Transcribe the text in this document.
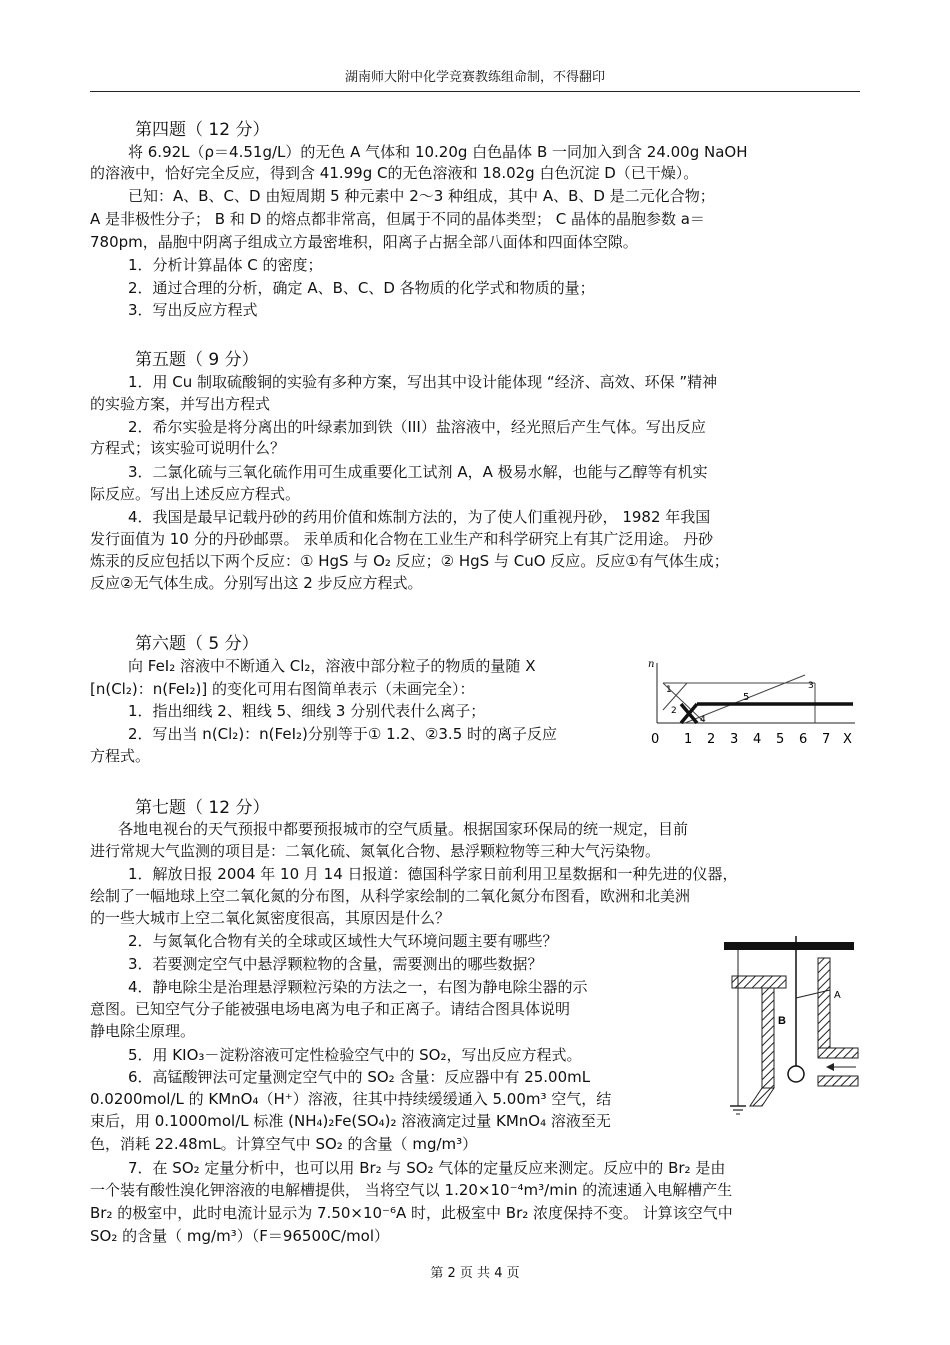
湖南师大附中化学竞赛教练组命制，不得翻印
第四题（ 12 分）
将 6.92L（ρ＝4.51g/L）的无色 A 气体和 10.20g 白色晶体 B 一同加入到含 24.00g NaOH
的溶液中，恰好完全反应，得到含 41.99g C的无色溶液和 18.02g 白色沉淀 D（已干燥）。
已知：A、B、C、D 由短周期 5 种元素中 2～3 种组成，其中 A、B、D 是二元化合物；
A 是非极性分子； B 和 D 的熔点都非常高，但属于不同的晶体类型； C 晶体的晶胞参数 a＝
780pm，晶胞中阴离子组成立方最密堆积，阳离子占据全部八面体和四面体空隙。
1．分析计算晶体 C 的密度；
2．通过合理的分析，确定 A、B、C、D 各物质的化学式和物质的量；
3．写出反应方程式
第五题（ 9 分）
1．用 Cu 制取硫酸铜的实验有多种方案，写出其中设计能体现 “经济、高效、环保 ”精神
的实验方案，并写出方程式
2．希尔实验是将分离出的叶绿素加到铁（III）盐溶液中，经光照后产生气体。写出反应
方程式；该实验可说明什么？
3．二氯化硫与三氧化硫作用可生成重要化工试剂 A，A 极易水解，也能与乙醇等有机实
际反应。写出上述反应方程式。
4．我国是最早记载丹砂的药用价值和炼制方法的，为了使人们重视丹砂， 1982 年我国
发行面值为 10 分的丹砂邮票。 汞单质和化合物在工业生产和科学研究上有其广泛用途。 丹砂
炼汞的反应包括以下两个反应：① HgS 与 O₂ 反应；② HgS 与 CuO 反应。反应①有气体生成；
反应②无气体生成。分别写出这 2 步反应方程式。
第六题（ 5 分）
向 FeI₂ 溶液中不断通入 Cl₂，溶液中部分粒子的物质的量随 X
[n(Cl₂)：n(FeI₂)] 的变化可用右图简单表示（未画完全）：
1．指出细线 2、粗线 5、细线 3 分别代表什么离子；
2．写出当 n(Cl₂)：n(FeI₂)分别等于① 1.2、②3.5 时的离子反应
方程式。
n
1
2
3
4
5
0 1 2 3 4 5 6 7 X
第七题（ 12 分）
各地电视台的天气预报中都要预报城市的空气质量。根据国家环保局的统一规定，目前
进行常规大气监测的项目是：二氧化硫、氮氧化合物、悬浮颗粒物等三种大气污染物。
1．解放日报 2004 年 10 月 14 日报道：德国科学家日前利用卫星数据和一种先进的仪器，
绘制了一幅地球上空二氧化氮的分布图，从科学家绘制的二氧化氮分布图看，欧洲和北美洲
的一些大城市上空二氧化氮密度很高，其原因是什么？
2．与氮氧化合物有关的全球或区域性大气环境问题主要有哪些？
3．若要测定空气中悬浮颗粒物的含量，需要测出的哪些数据？
4．静电除尘是治理悬浮颗粒污染的方法之一，右图为静电除尘器的示
意图。已知空气分子能被强电场电离为电子和正离子。请结合图具体说明
静电除尘原理。
5．用 KIO₃－淀粉溶液可定性检验空气中的 SO₂，写出反应方程式。
6．高锰酸钾法可定量测定空气中的 SO₂ 含量：反应器中有 25.00mL
0.0200mol/L 的 KMnO₄（H⁺）溶液，往其中持续缓缓通入 5.00m³ 空气，结
束后，用 0.1000mol/L 标准 (NH₄)₂Fe(SO₄)₂ 溶液滴定过量 KMnO₄ 溶液至无
色，消耗 22.48mL。计算空气中 SO₂ 的含量（ mg/m³）
7．在 SO₂ 定量分析中，也可以用 Br₂ 与 SO₂ 气体的定量反应来测定。反应中的 Br₂ 是由
一个装有酸性溴化钾溶液的电解槽提供， 当将空气以 1.20×10⁻⁴m³/min 的流速通入电解槽产生
Br₂ 的极室中，此时电流计显示为 7.50×10⁻⁶A 时，此极室中 Br₂ 浓度保持不变。 计算该空气中
SO₂ 的含量（ mg/m³）（F＝96500C/mol）
A
B
第 2 页 共 4 页
